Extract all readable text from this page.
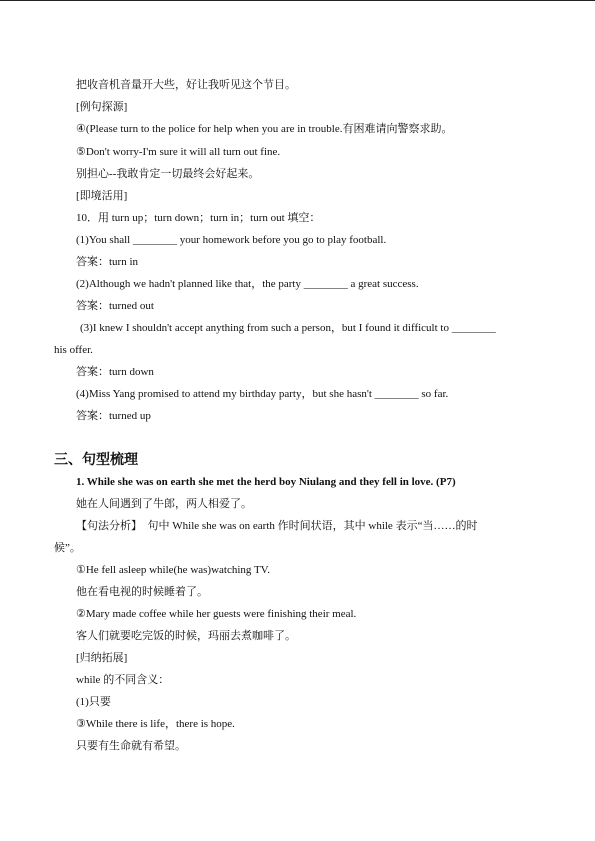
把收音机音量开大些，好让我听见这个节目。
[例句探源]
④(Please turn to the police for help when you are in trouble.有困难请向警察求助。
⑤Don't worry-I'm sure it will all turn out fine.
别担心--我敢肯定一切最终会好起来。
[即境活用]
10．用 turn up；turn down；turn in；turn out 填空：
(1)You shall ________ your homework before you go to play football.
答案：turn in
(2)Although we hadn't planned like that，the party ________ a great success.
答案：turned out
(3)I knew I shouldn't accept anything from such a person，but I found it difficult to ________
his offer.
答案：turn down
(4)Miss Yang promised to attend my birthday party，but she hasn't ________ so far.
答案：turned up
三、句型梳理
1. While she was on earth she met the herd boy Niulang and they fell in love. (P7)
她在人间遇到了牛郎，两人相爱了。
【句法分析】　句中 While she was on earth 作时间状语，其中 while 表示“当……的时
候”。
①He fell asleep while(he was)watching TV.
他在看电视的时候睡着了。
②Mary made coffee while her guests were finishing their meal.
客人们就要吃完饭的时候，玛丽去煮咖啡了。
[归纳拓展]
while 的不同含义：
(1)只要
③While there is life，there is hope.
只要有生命就有希望。
